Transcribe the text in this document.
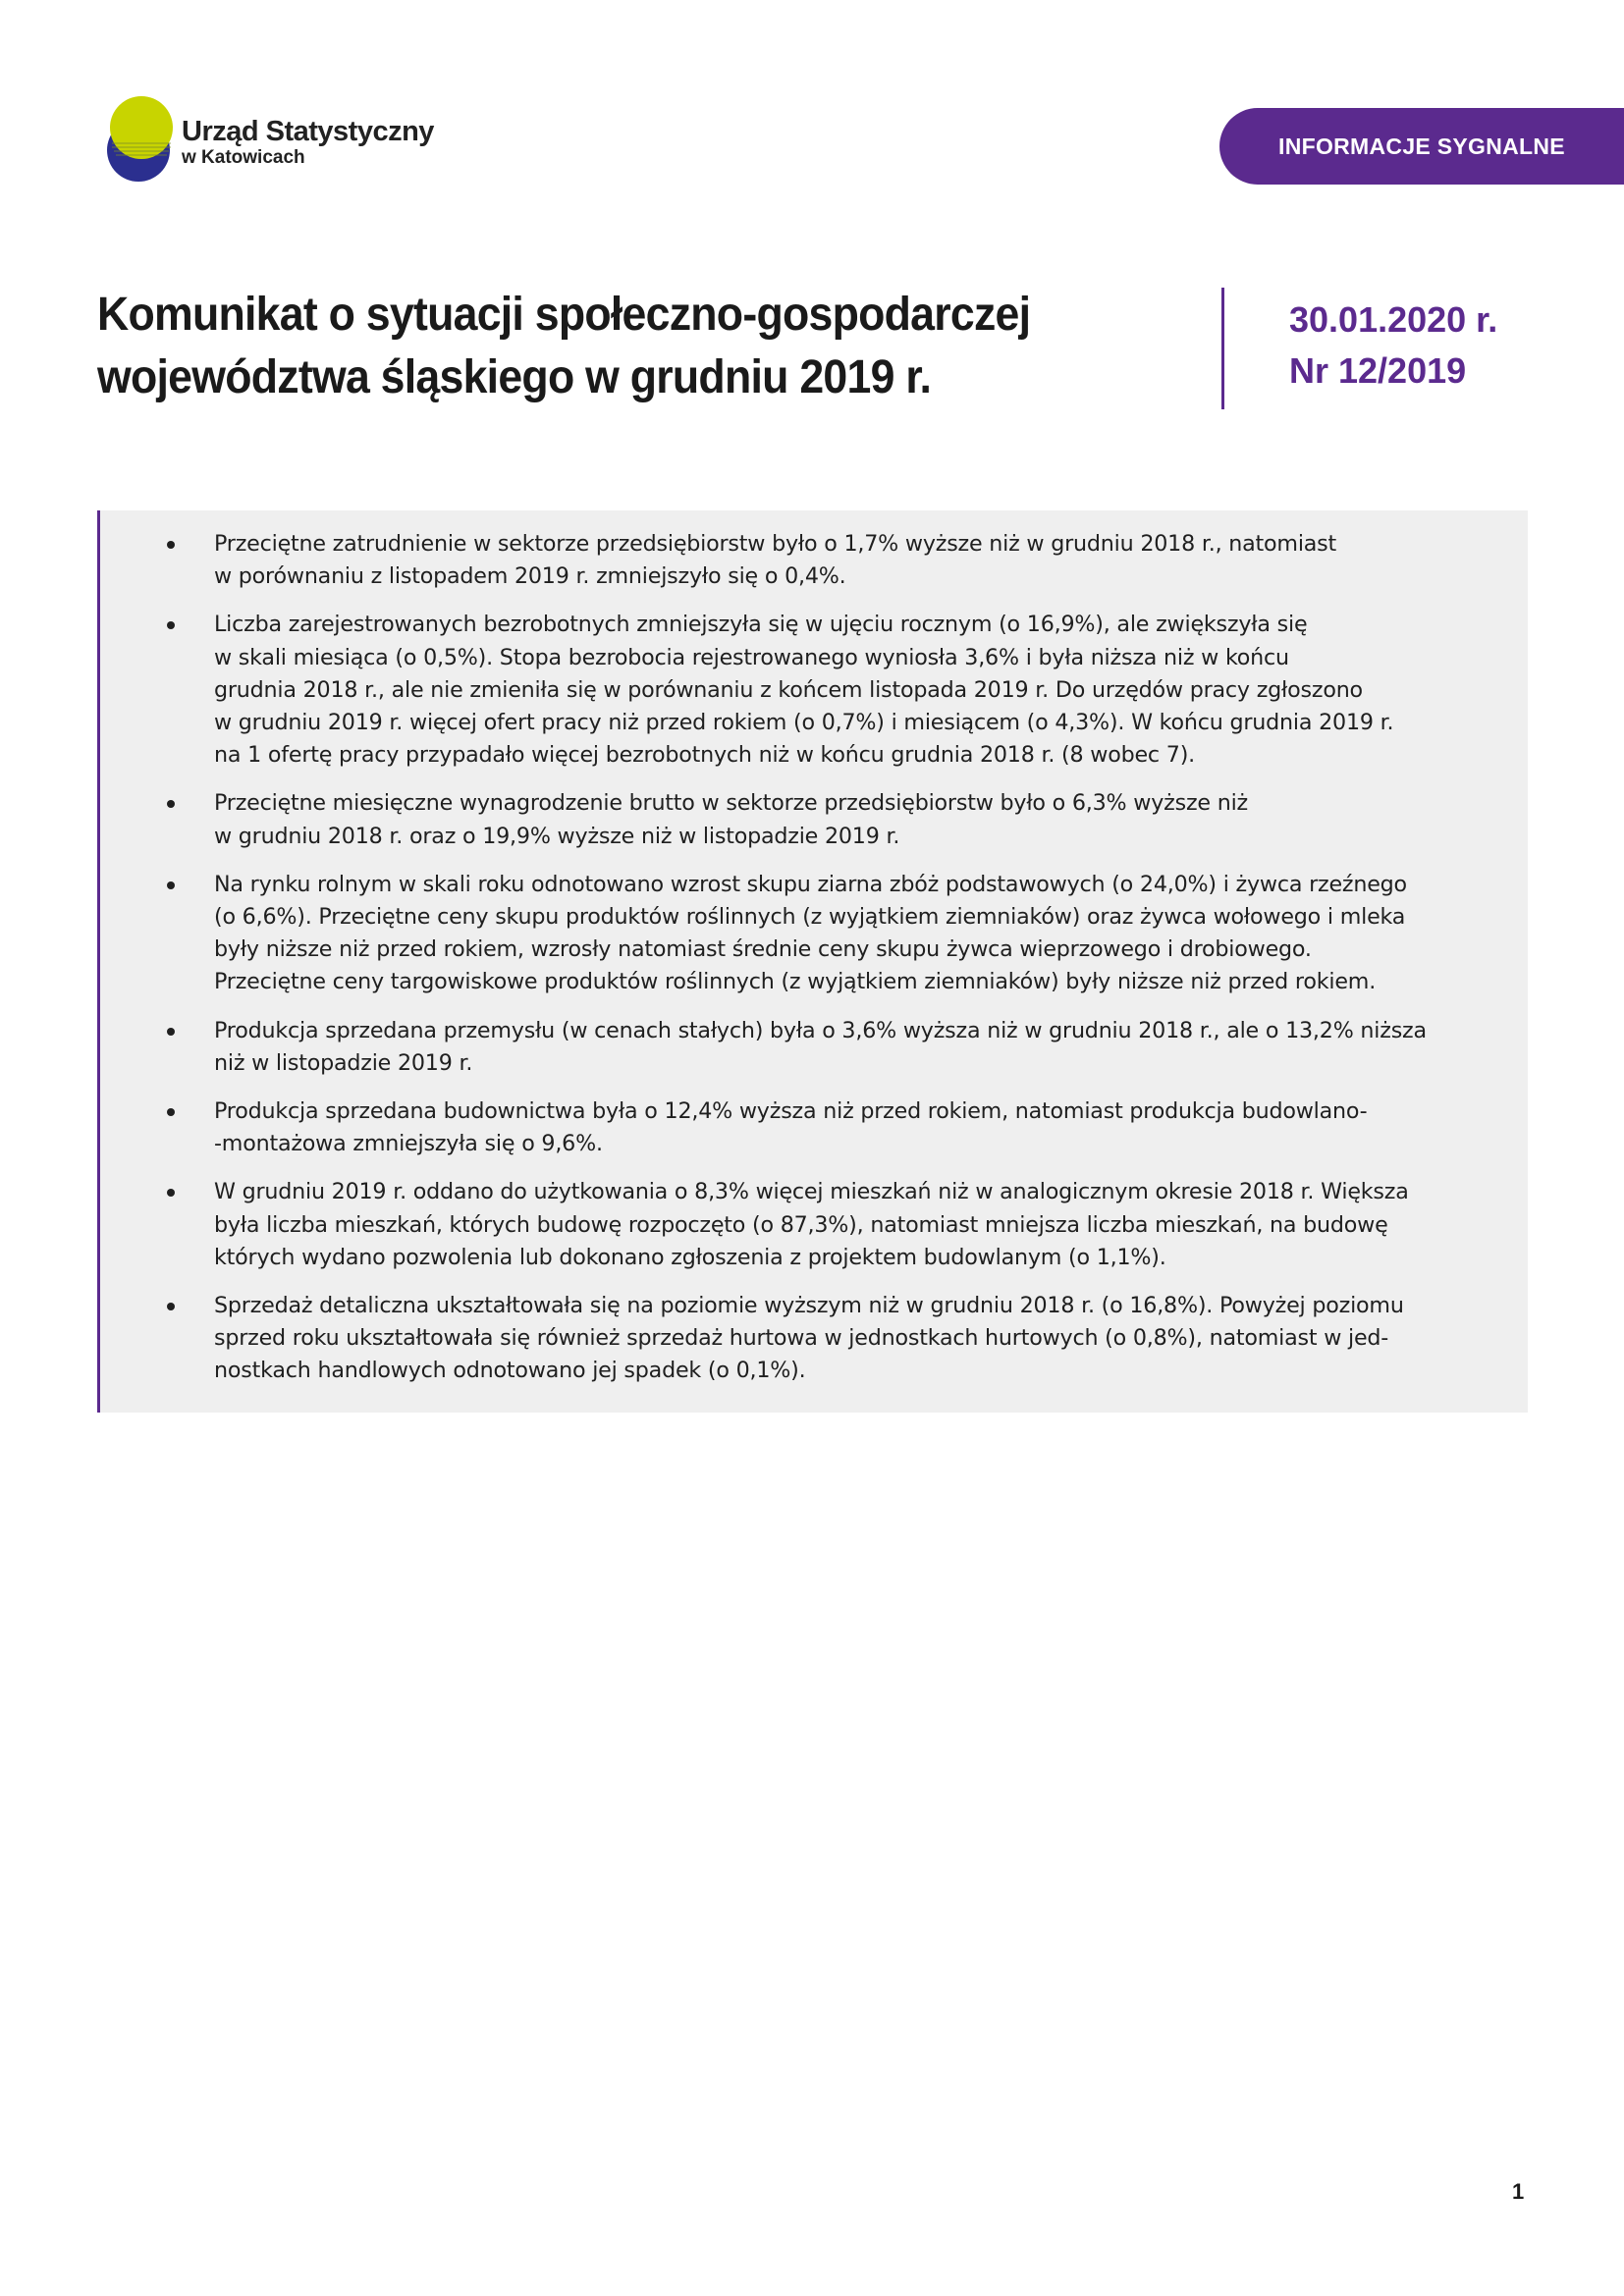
Urząd Statystyczny
w Katowicach	INFORMACJE SYGNALNE
Komunikat o sytuacji społeczno-gospodarczej
województwa śląskiego w grudniu 2019 r.
30.01.2020 r.
Nr 12/2019
Przeciętne zatrudnienie w sektorze przedsiębiorstw było o 1,7% wyższe niż w grudniu 2018 r., natomiast
w porównaniu z listopadem 2019 r. zmniejszyło się o 0,4%.
Liczba zarejestrowanych bezrobotnych zmniejszyła się w ujęciu rocznym (o 16,9%), ale zwiększyła się
w skali miesiąca (o 0,5%). Stopa bezrobocia rejestrowanego wyniosła 3,6% i była niższa niż w końcu
grudnia 2018 r., ale nie zmieniła się w porównaniu z końcem listopada 2019 r. Do urzędów pracy zgłoszono
w grudniu 2019 r. więcej ofert pracy niż przed rokiem (o 0,7%) i miesiącem (o 4,3%). W końcu grudnia 2019 r.
na 1 ofertę pracy przypadało więcej bezrobotnych niż w końcu grudnia 2018 r. (8 wobec 7).
Przeciętne miesięczne wynagrodzenie brutto w sektorze przedsiębiorstw było o 6,3% wyższe niż
w grudniu 2018 r. oraz o 19,9% wyższe niż w listopadzie 2019 r.
Na rynku rolnym w skali roku odnotowano wzrost skupu ziarna zbóż podstawowych (o 24,0%) i żywca rzeźnego
(o 6,6%). Przeciętne ceny skupu produktów roślinnych (z wyjątkiem ziemniaków) oraz żywca wołowego i mleka
były niższe niż przed rokiem, wzrosły natomiast średnie ceny skupu żywca wieprzowego i drobiowego.
Przeciętne ceny targowiskowe produktów roślinnych (z wyjątkiem ziemniaków) były niższe niż przed rokiem.
Produkcja sprzedana przemysłu (w cenach stałych) była o 3,6% wyższa niż w grudniu 2018 r., ale o 13,2% niższa
niż w listopadzie 2019 r.
Produkcja sprzedana budownictwa była o 12,4% wyższa niż przed rokiem, natomiast produkcja budowlano-
-montażowa zmniejszyła się o 9,6%.
W grudniu 2019 r. oddano do użytkowania o 8,3% więcej mieszkań niż w analogicznym okresie 2018 r. Większa
była liczba mieszkań, których budowę rozpoczęto (o 87,3%), natomiast mniejsza liczba mieszkań, na budowę
których wydano pozwolenia lub dokonano zgłoszenia z projektem budowlanym (o 1,1%).
Sprzedaż detaliczna ukształtowała się na poziomie wyższym niż w grudniu 2018 r. (o 16,8%). Powyżej poziomu
sprzed roku ukształtowała się również sprzedaż hurtowa w jednostkach hurtowych (o 0,8%), natomiast w jed-
nostkach handlowych odnotowano jej spadek (o 0,1%).
1
